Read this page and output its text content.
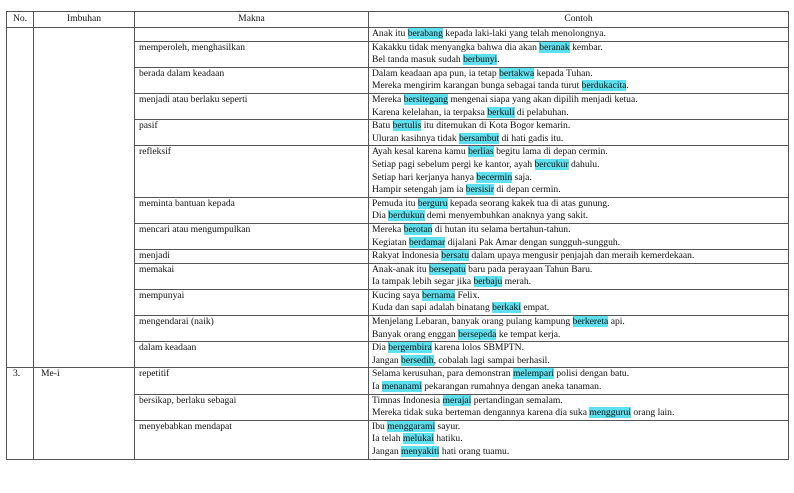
No.	Imbuhan	Makna	Contoh

			Anak itu berabang kepada laki-laki yang telah menolongnya.

		memperoleh, menghasilkan	Kakakku tidak menyangka bahwa dia akan beranak kembar.
Bel tanda masuk sudah berbunyi.

		berada dalam keadaan	Dalam keadaan apa pun, ia tetap bertakwa kepada Tuhan.
Mereka mengirim karangan bunga sebagai tanda turut berdukacita.

		menjadi atau berlaku seperti	Mereka bersitegang mengenai siapa yang akan dipilih menjadi ketua.
Karena kelelahan, ia terpaksa berkuli di pelabuhan.

		pasif	Batu bertulis itu ditemukan di Kota Bogor kemarin.
Uluran kasihnya tidak bersambut di hati gadis itu.

		refleksif	Ayah kesal karena kamu berlias begitu lama di depan cermin.
Setiap pagi sebelum pergi ke kantor, ayah bercukur dahulu.
Setiap hari kerjanya hanya becermin saja.
Hampir setengah jam ia bersisir di depan cermin.

		meminta bantuan kepada	Pemuda itu berguru kepada seorang kakek tua di atas gunung.
Dia berdukun demi menyembuhkan anaknya yang sakit.

		mencari atau mengumpulkan	Mereka berotan di hutan itu selama bertahun-tahun.
Kegiatan berdamar dijalani Pak Amar dengan sungguh-sungguh.

		menjadi	Rakyat Indonesia bersatu dalam upaya mengusir penjajah dan meraih kemerdekaan.

		memakai	Anak-anak itu bersepatu baru pada perayaan Tahun Baru.
Ia tampak lebih segar jika berbaju merah.

		mempunyai	Kucing saya bernama Felix.
Kuda dan sapi adalah binatang berkaki empat.

		mengendarai (naik)	Menjelang Lebaran, banyak orang pulang kampung berkereta api.
Banyak orang enggan bersepeda ke tempat kerja.

		dalam keadaan	Dia bergembira karena lolos SBMPTN.
Jangan bersedih, cobalah lagi sampai berhasil.

3.	Me-i	repetitif	Selama kerusuhan, para demonstran melempari polisi dengan batu.
Ia menanami pekarangan rumahnya dengan aneka tanaman.

		bersikap, berlaku sebagai	Timnas Indonesia merajai pertandingan semalam.
Mereka tidak suka berteman dengannya karena dia suka menggurui orang lain.

		menyebabkan mendapat	Ibu menggarami sayur.
Ia telah melukai hatiku.
Jangan menyakiti hati orang tuamu.
